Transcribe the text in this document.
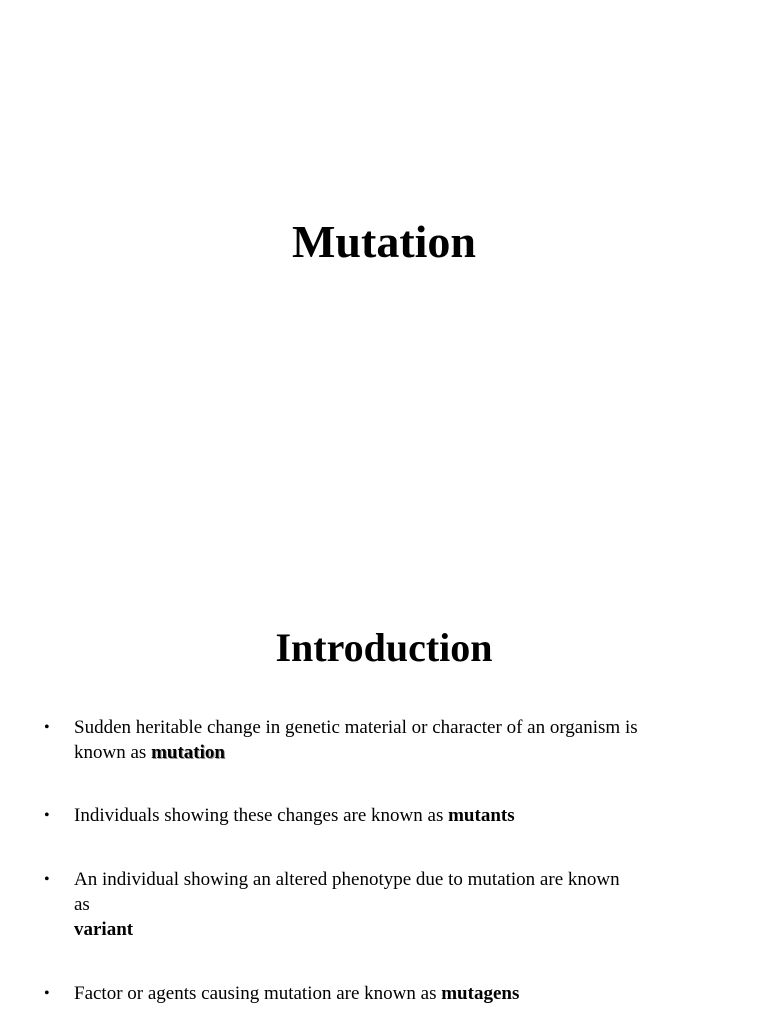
Mutation
Introduction
• Sudden heritable change in genetic material or character of an organism is
known as mutation
• Individuals showing these changes are known as mutants
• An individual showing an altered phenotype due to mutation are known
as
variant
• Factor or agents causing mutation are known as mutagens
